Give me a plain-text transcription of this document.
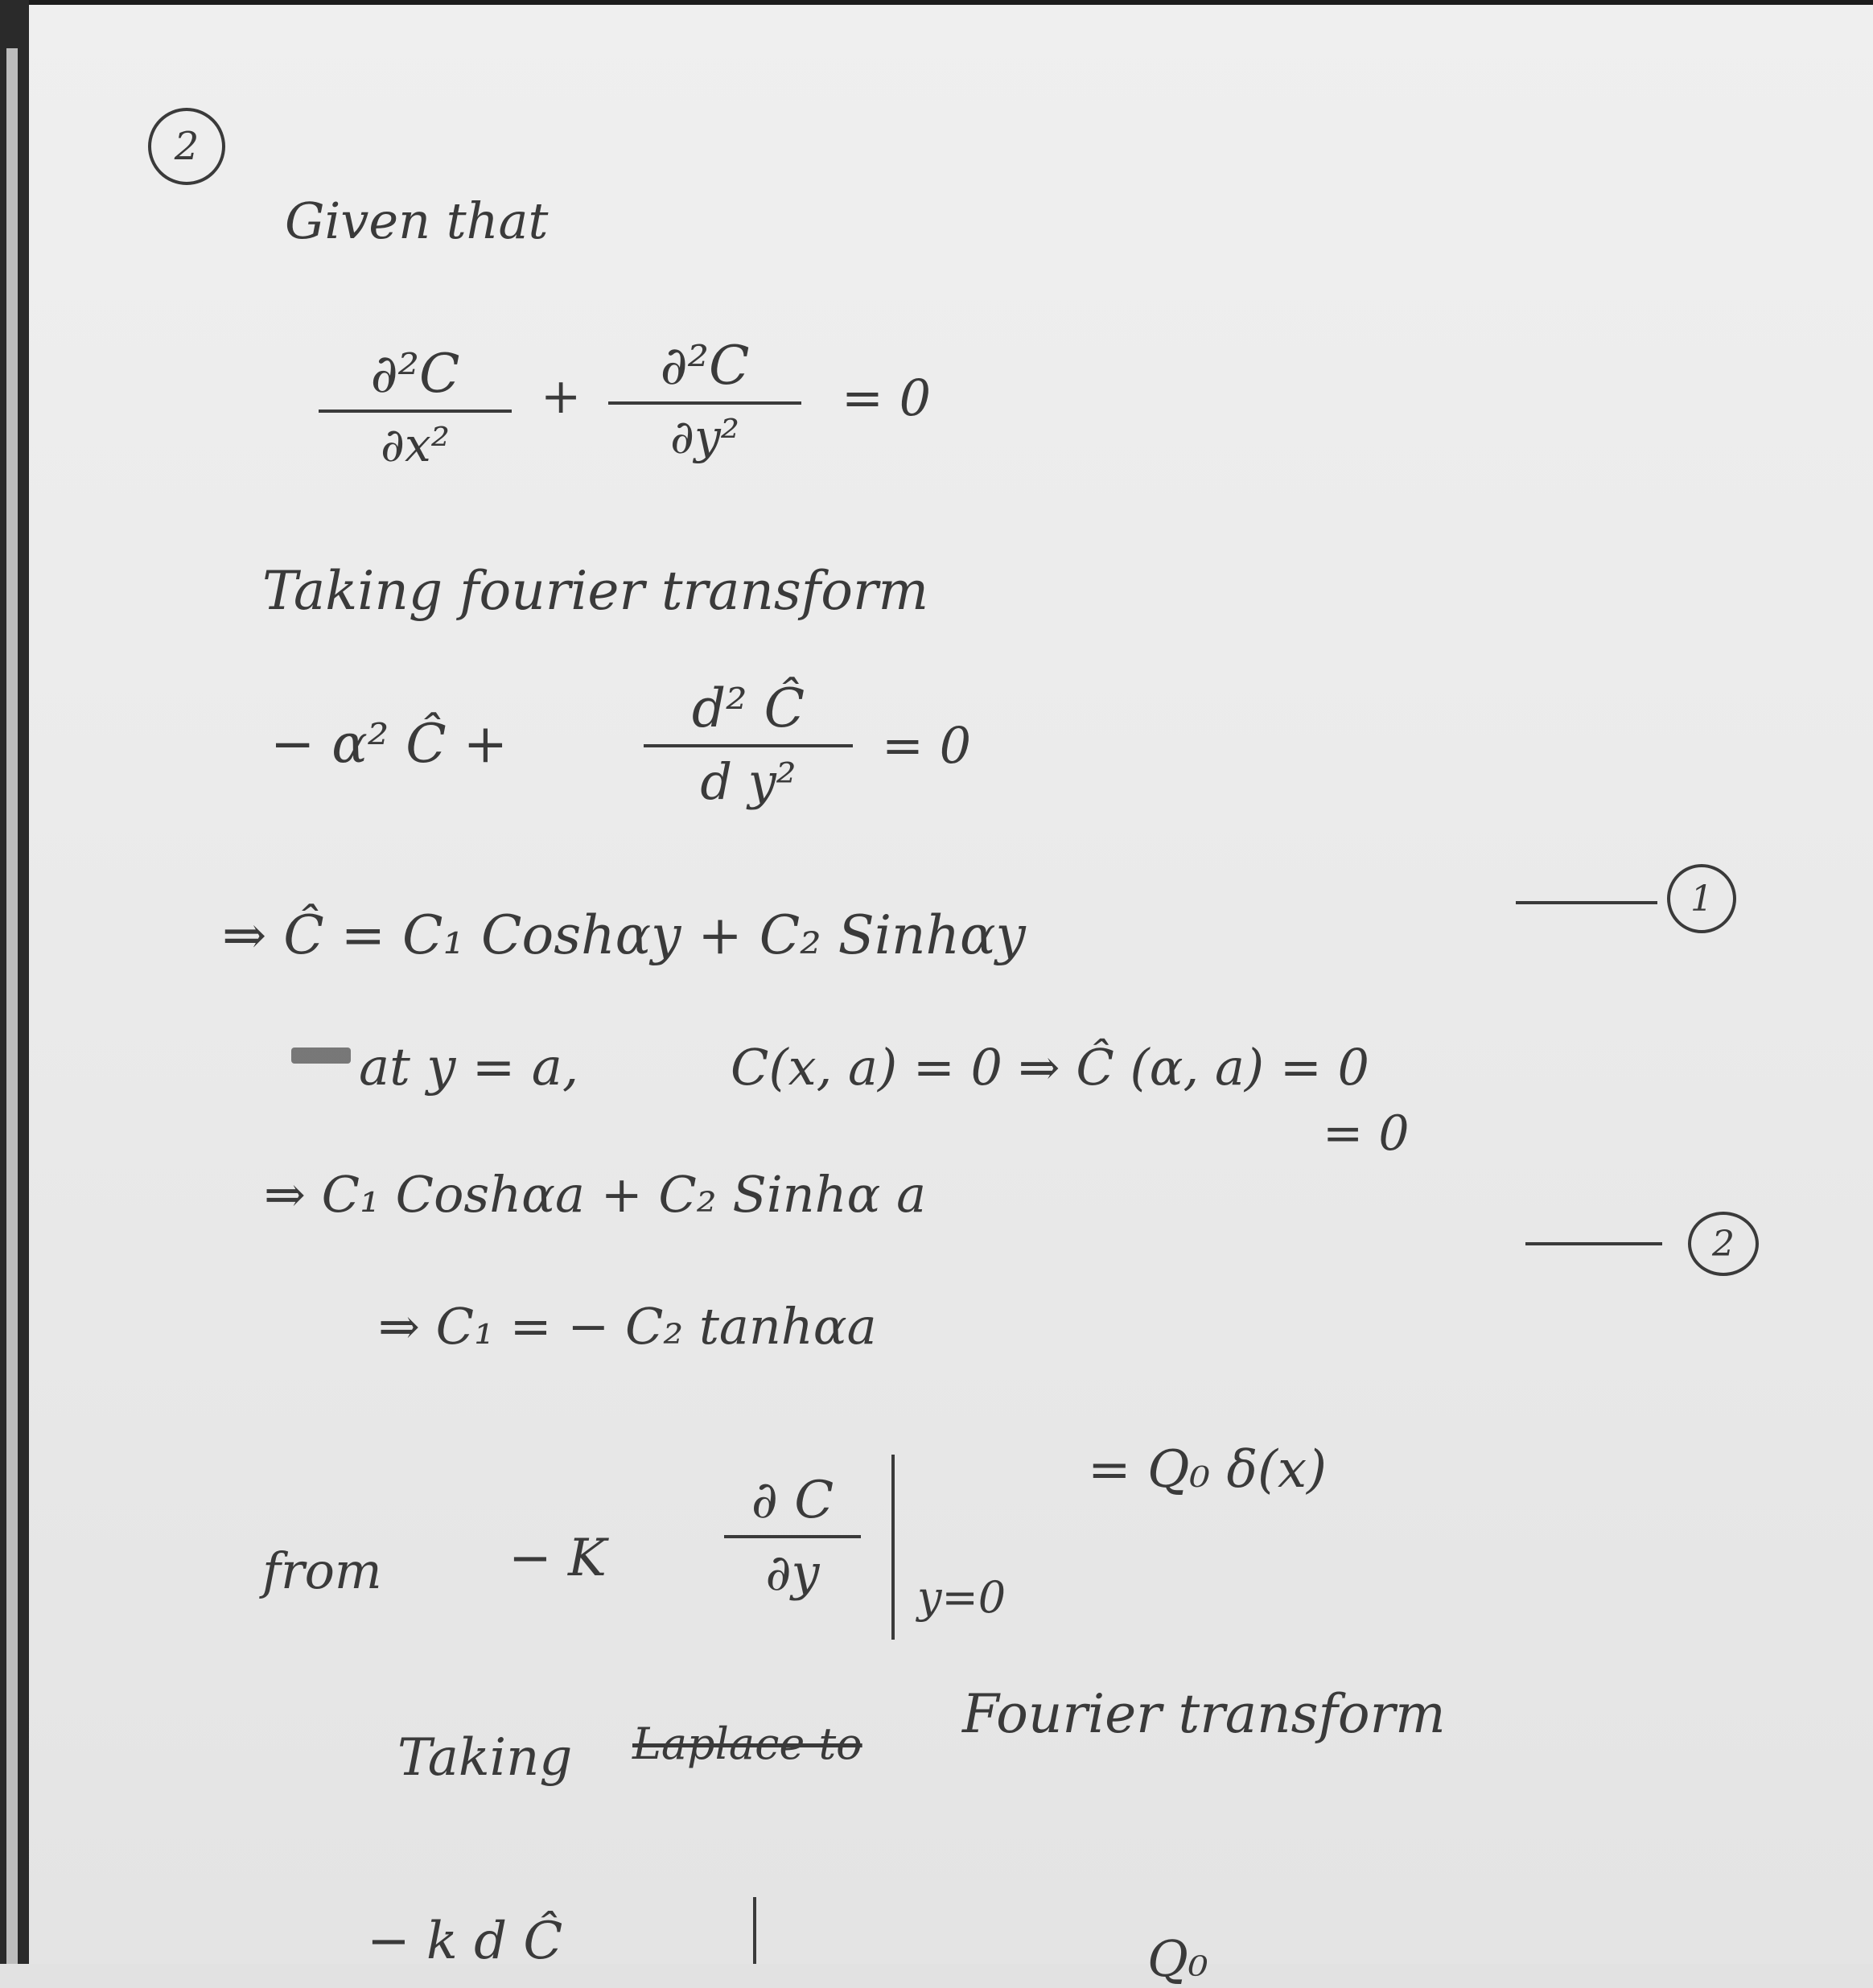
2
Given that
∂²C
∂x²
+ ∂²C
∂y²
= 0
Taking fourier transform
− α² Ĉ +
d² Ĉ
d y²
= 0
⇒ Ĉ = C₁ Coshαy + C₂ Sinhαy
1
at y = a,	C(x, a) = 0 ⇒ Ĉ (α, a) = 0
= 0
⇒ C₁ Coshαa + C₂ Sinhα a
2
⇒ C₁ = − C₂ tanhαa
from − K
∂ C
∂y y=0
= Q₀ δ(x)
Taking Laplace to Fourier transform
− k d Ĉ	Q₀
